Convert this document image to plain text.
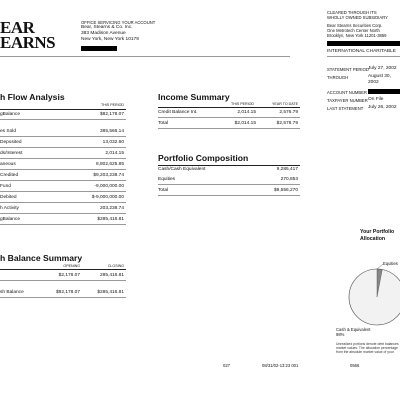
EAR
EARNS
OFFICE SERVICING YOUR ACCOUNT
Bear, Stearns & Co. Inc.
383 Madison Avenue
New York, New York 10179
CLEARED THROUGH ITS
WHOLLY OWNED SUBSIDIARY
Bear Stearns Securities Corp.
One Metrotech Center North
Brooklyn, New York 11201-3859
INTERNATIONAL CHARITABLE
STATEMENT PERIOD July 27, 2002
THROUGH	August 30, 2002
ACCOUNT NUMBER
TAXPAYER NUMBER On File
LAST STATEMENT July 26, 2002
h Flow Analysis
THIS PERIOD
gBalance	$82,178.07
es Sold	385,566.14
Deposited	13,032.60
ds/Interest	2,014.15
aneous	8,802,625.85
Credited	$9,203,238.74
Fund	-9,000,000.00
Debited	$-9,000,000.00
h Activity	203,238.74
gBalance	$285,416.81
Income Summary
THIS PERIOD	YEAR TO DATE
Credit Balance Int.	2,014.15	2,576.79
Total	$2,014.15	$2,578.79
Portfolio Composition
Cash/Cash Equivalent	9,285,417
Equities	270,853
Total	$9,556,270
h Balance Summary
OPENING	CLOSING
$2,178.07	285,416.81
sh Balance	$82,178.07	$285,416.81
Your Portfolio
Allocation
Equities
Cash & Equivalent
98%
Unrealized portions denote debt balances market values. The allocation percentage from the absolute market value of your
027	08/31/02-13:23 001	0566
